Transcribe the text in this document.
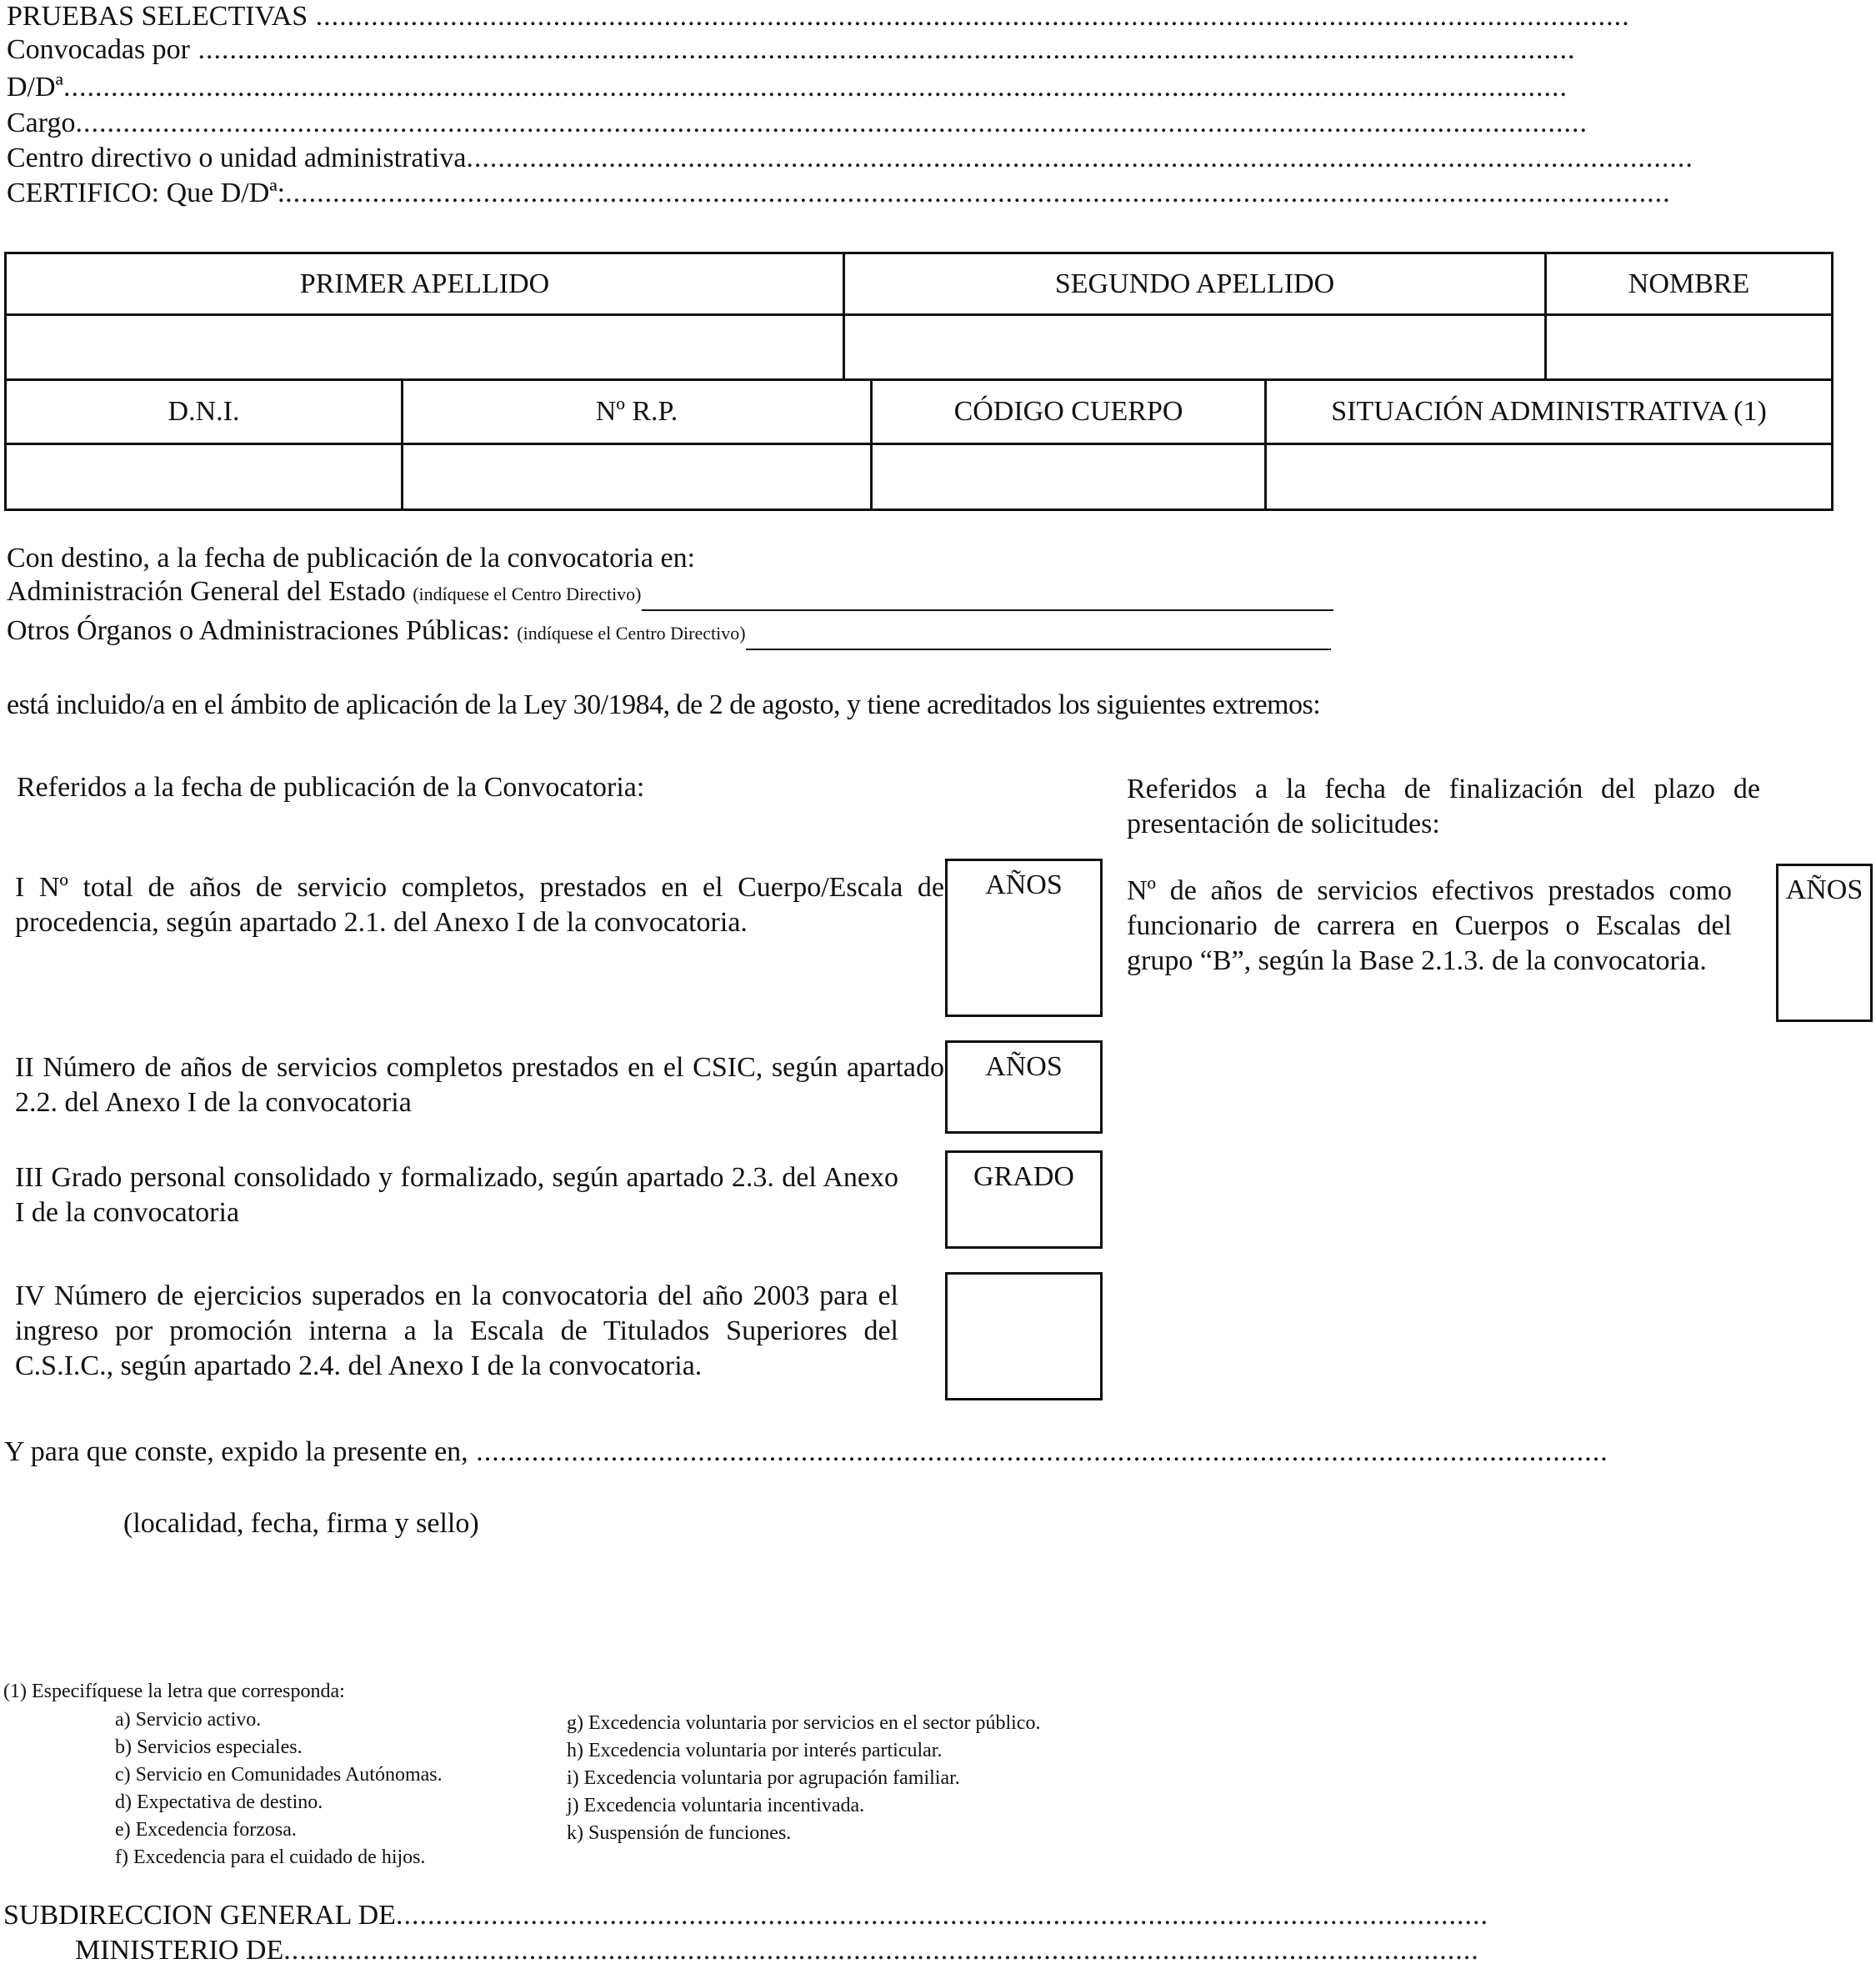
PRUEBAS SELECTIVAS ......................................................................................................................................................................
Convocadas por ..............................................................................................................................................................................
D/Dª..............................................................................................................................................................................................
Cargo...............................................................................................................................................................................................
Centro directivo o unidad administrativa...........................................................................................................................................................
CERTIFICO: Que D/Dª:...............................................................................................................................................................................
PRIMER APELLIDO	SEGUNDO APELLIDO	NOMBRE
D.N.I.	Nº R.P.	CÓDIGO CUERPO	SITUACIÓN ADMINISTRATIVA (1)
Con destino, a la fecha de publicación de la convocatoria en:
Administración General del Estado (indíquese el Centro Directivo)
Otros Órganos o Administraciones Públicas: (indíquese el Centro Directivo)
está incluido/a en el ámbito de aplicación de la Ley 30/1984, de 2 de agosto, y tiene acreditados los siguientes extremos:
Referidos a la fecha de publicación de la Convocatoria:	Referidos a la fecha de finalización del plazo de presentación de solicitudes:
I Nº total de años de servicio completos, prestados en el Cuerpo/Escala de procedencia, según apartado 2.1. del Anexo I de la convocatoria.
AÑOS	Nº de años de servicios efectivos prestados como funcionario de carrera en Cuerpos o Escalas del grupo “B”, según la Base 2.1.3. de la convocatoria.
AÑOS
II Número de años de servicios completos prestados en el CSIC, según apartado 2.2. del Anexo I de la convocatoria
AÑOS
III Grado personal consolidado y formalizado, según apartado 2.3. del Anexo I de la convocatoria
GRADO
IV Número de ejercicios superados en la convocatoria del año 2003 para el ingreso por promoción interna a la Escala de Titulados Superiores del C.S.I.C., según apartado 2.4. del Anexo I de la convocatoria.
Y para que conste, expido la presente en, ...............................................................................................................................................
(localidad, fecha, firma y sello)
(1) Especifíquese la letra que corresponda:
a) Servicio activo.
b) Servicios especiales.
c) Servicio en Comunidades Autónomas.
d) Expectativa de destino.
e) Excedencia forzosa.
f) Excedencia para el cuidado de hijos.
g) Excedencia voluntaria por servicios en el sector público.
h) Excedencia voluntaria por interés particular.
i) Excedencia voluntaria por agrupación familiar.
j) Excedencia voluntaria incentivada.
k) Suspensión de funciones.
SUBDIRECCION GENERAL DE..........................................................................................................................................
MINISTERIO DE.......................................................................................................................................................
